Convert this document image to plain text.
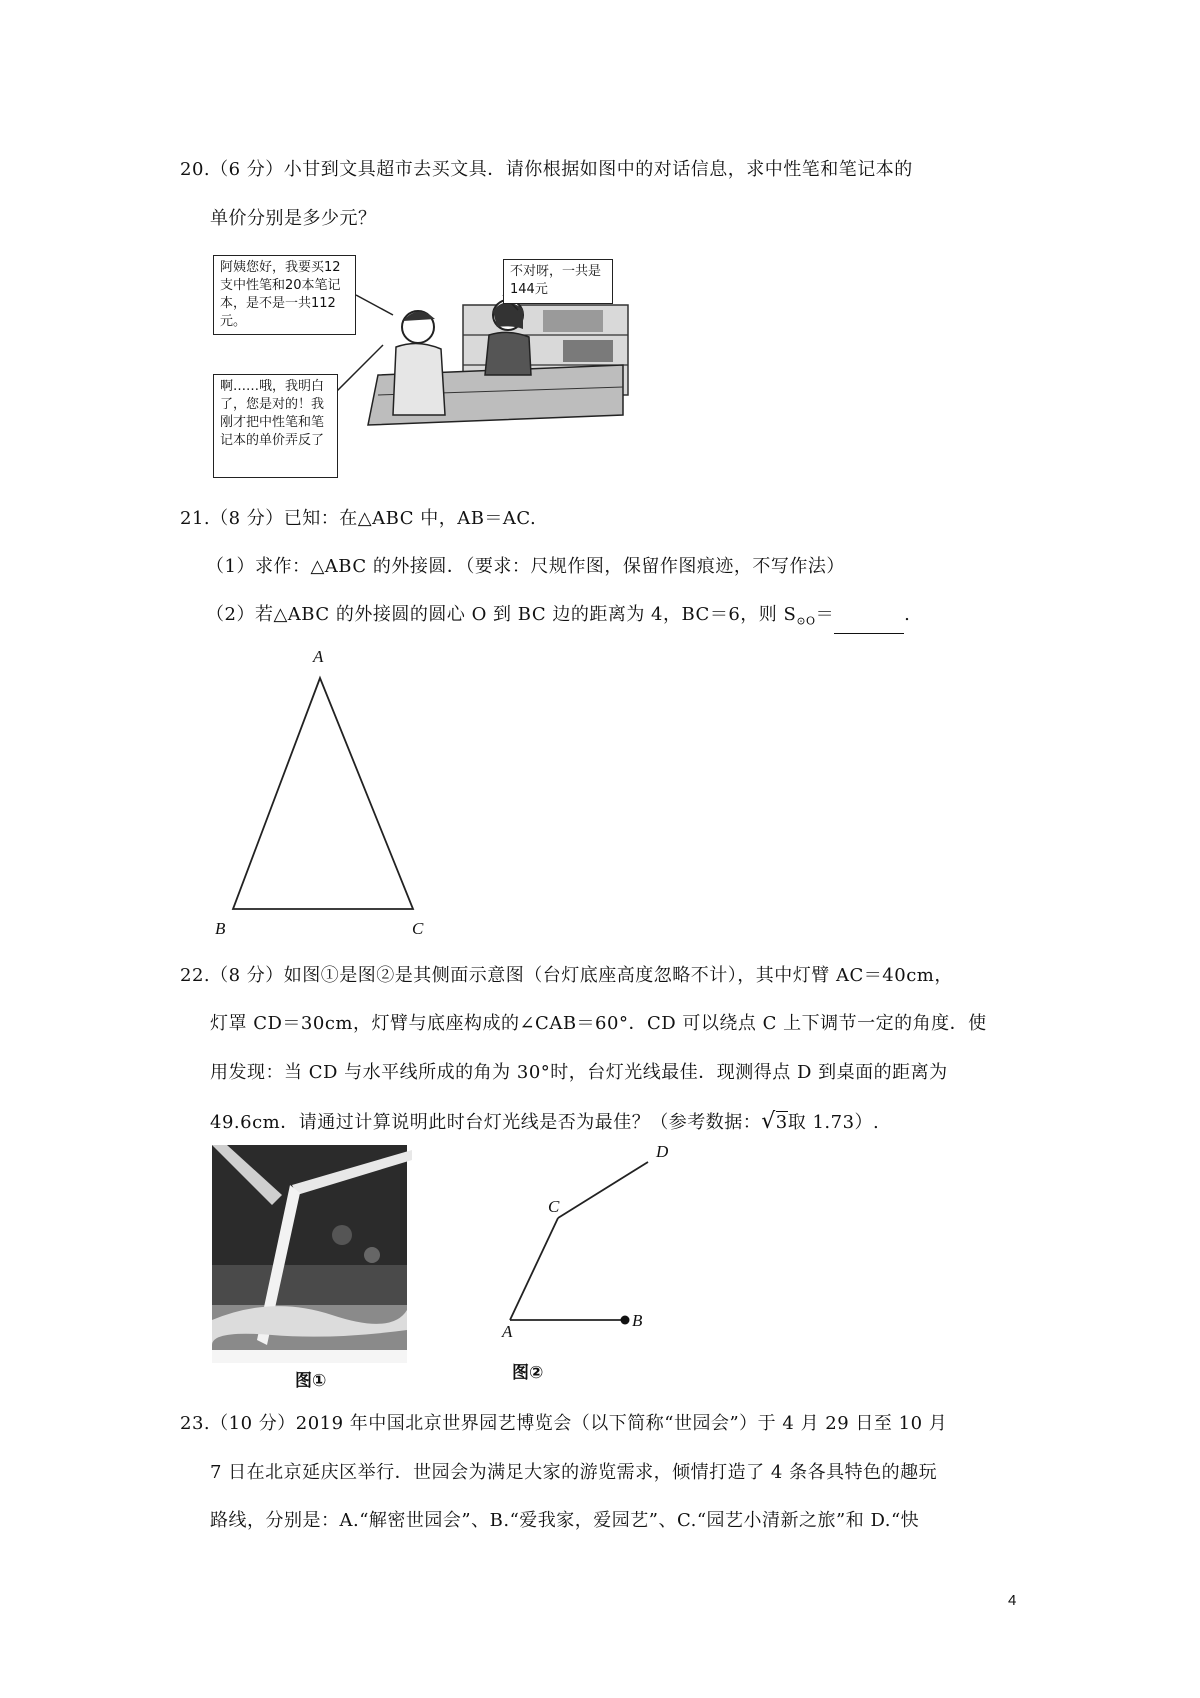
20.（6 分）小甘到文具超市去买文具．请你根据如图中的对话信息，求中性笔和笔记本的
单价分别是多少元？
阿姨您好，我要买12支中性笔和20本笔记本，是不是一共112元。
不对呀，一共是144元
啊……哦，我明白了，您是对的！我刚才把中性笔和笔记本的单价弄反了
21.（8 分）已知：在△ABC 中，AB＝AC.
（1）求作：△ABC 的外接圆．（要求：尺规作图，保留作图痕迹，不写作法）
（2）若△ABC 的外接圆的圆心 O 到 BC 边的距离为 4，BC＝6，则 $S_{⊙O}=$	.
A
B	C
22.（8 分）如图①是图②是其侧面示意图（台灯底座高度忽略不计），其中灯臂 AC＝40cm，
灯罩 CD＝30cm，灯臂与底座构成的∠CAB＝60°．CD 可以绕点 C 上下调节一定的角度．使
用发现：当 CD 与水平线所成的角为 30°时，台灯光线最佳．现测得点 D 到桌面的距离为
49.6cm．请通过计算说明此时台灯光线是否为最佳？（参考数据：√3取 1.73）.
图①
A
B
C
D
图②
23.（10 分）2019 年中国北京世界园艺博览会（以下简称“世园会”）于 4 月 29 日至 10 月
7 日在北京延庆区举行．世园会为满足大家的游览需求，倾情打造了 4 条各具特色的趣玩
路线，分别是：A.“解密世园会”、B.“爱我家，爱园艺”、C.“园艺小清新之旅”和 D.“快
4
